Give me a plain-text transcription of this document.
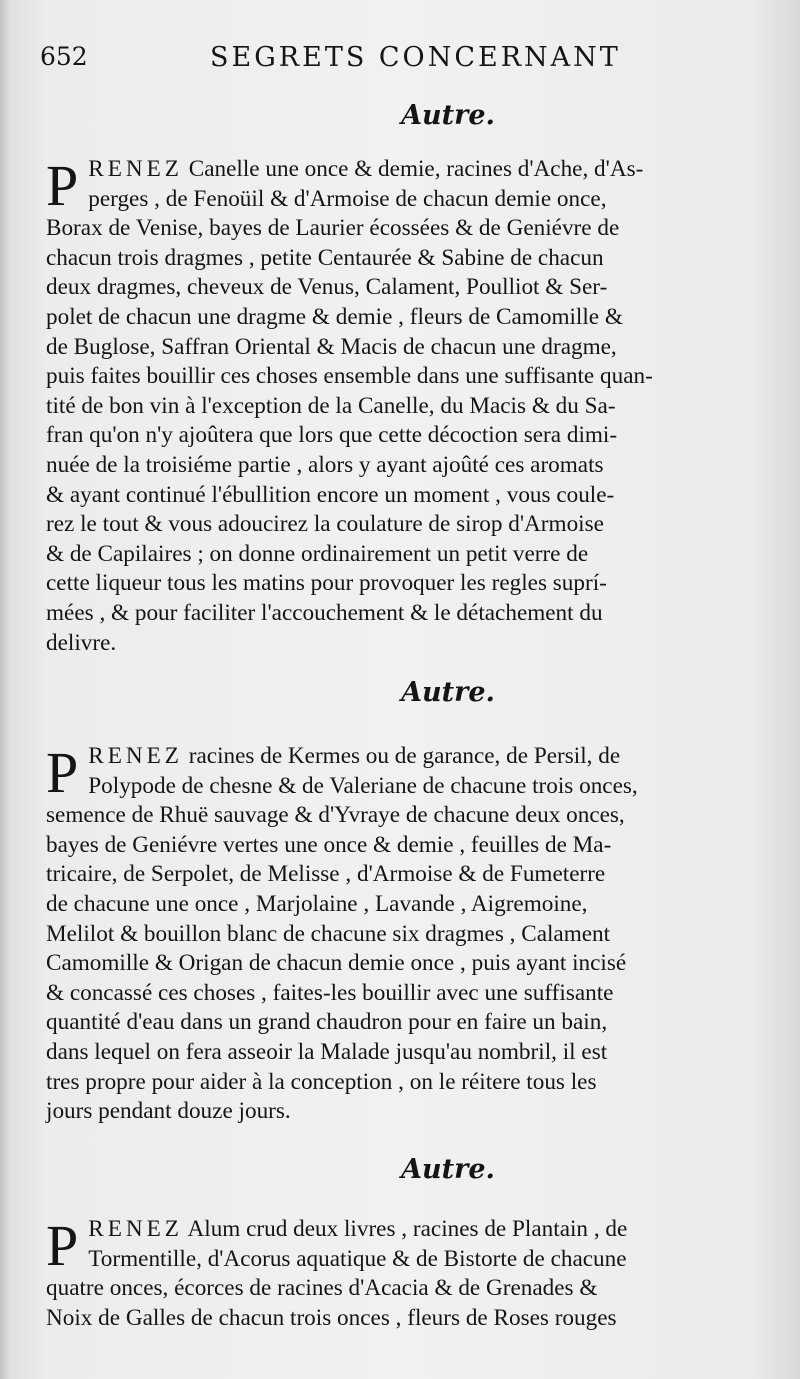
652	SEGRETS CONCERNANT
Autre.

P RENEZ Canelle une once & demie, racines d'Ache, d'As-
perges , de Fenoüil & d'Armoise de chacun demie once,
Borax de Venise, bayes de Laurier écossées & de Geniévre de
chacun trois dragmes , petite Centaurée & Sabine de chacun
deux dragmes, cheveux de Venus, Calament, Poulliot & Ser-
polet de chacun une dragme & demie , fleurs de Camomille &
de Buglose, Saffran Oriental & Macis de chacun une dragme,
puis faites bouillir ces choses ensemble dans une suffisante quan-
tité de bon vin à l'exception de la Canelle, du Macis & du Sa-
fran qu'on n'y ajoûtera que lors que cette décoction sera dimi-
nuée de la troisiéme partie , alors y ayant ajoûté ces aromats
& ayant continué l'ébullition encore un moment , vous coule-
rez le tout & vous adoucirez la coulature de sirop d'Armoise
& de Capilaires ; on donne ordinairement un petit verre de
cette liqueur tous les matins pour provoquer les regles suprí-
mées , & pour faciliter l'accouchement & le détachement du
delivre.

Autre.

P RENEZ racines de Kermes ou de garance, de Persil, de
Polypode de chesne & de Valeriane de chacune trois onces,
semence de Rhuë sauvage & d'Yvraye de chacune deux onces,
bayes de Geniévre vertes une once & demie , feuilles de Ma-
tricaire, de Serpolet, de Melisse , d'Armoise & de Fumeterre
de chacune une once , Marjolaine , Lavande , Aigremoine,
Melilot & bouillon blanc de chacune six dragmes , Calament
Camomille & Origan de chacun demie once , puis ayant incisé
& concassé ces choses , faites-les bouillir avec une suffisante
quantité d'eau dans un grand chaudron pour en faire un bain,
dans lequel on fera asseoir la Malade jusqu'au nombril, il est
tres propre pour aider à la conception , on le réitere tous les
jours pendant douze jours.

Autre.

P RENEZ Alum crud deux livres , racines de Plantain , de
Tormentille, d'Acorus aquatique & de Bistorte de chacune
quatre onces, écorces de racines d'Acacia & de Grenades &
Noix de Galles de chacun trois onces , fleurs de Roses rouges
